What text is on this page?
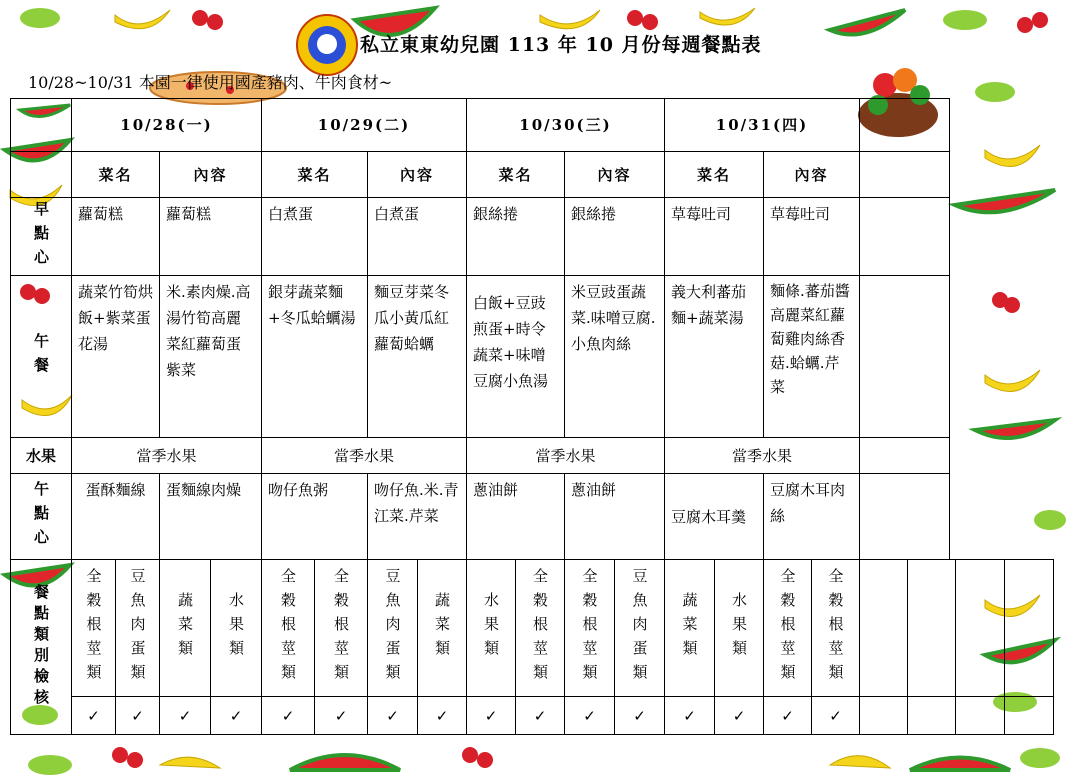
私立東東幼兒園 113 年 10 月份每週餐點表
10/28~10/31 本園一律使用國產豬肉、牛肉食材~
	10/28(一)		10/29(二)		10/30(三)		10/31(四)		
	菜名	內容	菜名	內容	菜名	內容	菜名	內容	

早點心	蘿蔔糕	蘿蔔糕	白煮蛋	白煮蛋	銀絲捲	銀絲捲	草莓吐司	草莓吐司	

午餐	蔬菜竹筍烘飯+紫菜蛋花湯	米.素肉燥.高湯竹筍高麗菜紅蘿蔔蛋紫菜	銀芽蔬菜麵+冬瓜蛤蠣湯	麵豆芽菜冬瓜小黃瓜紅蘿蔔蛤蠣	白飯+豆豉煎蛋+時令蔬菜+味噌豆腐小魚湯	米豆豉蛋蔬菜.味噌豆腐.小魚肉絲	義大利蕃茄麵+蔬菜湯	麵條.蕃茄醬高麗菜紅蘿蔔雞肉絲香菇.蛤蠣.芹菜	
水果	當季水果		當季水果		當季水果		當季水果		

午點心	蛋酥麵線	蛋麵線肉燥	吻仔魚粥	吻仔魚.米.青江菜.芹菜	蔥油餅	蔥油餅	豆腐木耳羹	豆腐木耳肉絲	
餐點類別檢核	全穀根莖類	豆魚肉蛋類	蔬菜類	水果類	全穀根莖類	全穀根莖類	豆魚肉蛋類	蔬菜類	水果類	全穀根莖類	全穀根莖類	豆魚肉蛋類	蔬菜類	水果類	全穀根莖類	全穀根莖類				

	✓	✓	✓	✓	✓	✓	✓	✓	✓	✓	✓	✓	✓	✓	✓	✓				
